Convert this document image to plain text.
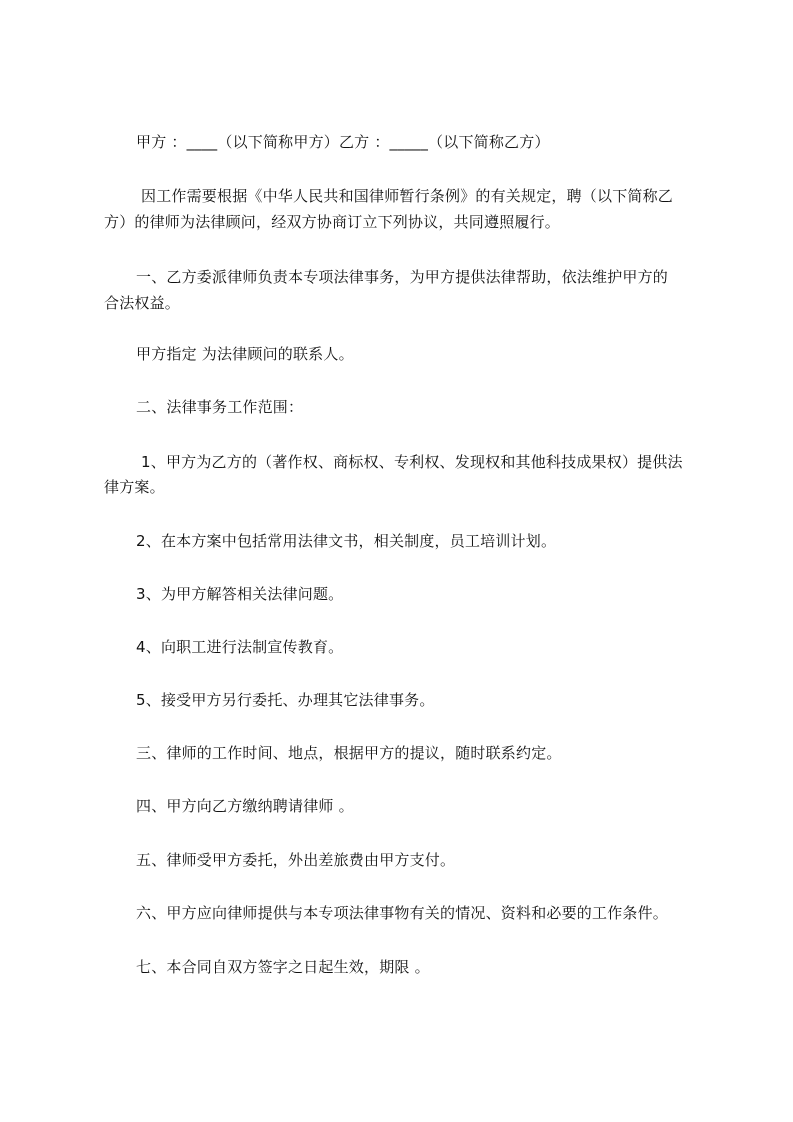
甲方 ：____（以下简称甲方）乙方 ：_____（以下简称乙方）
因工作需要根据《中华人民共和国律师暂行条例》的有关规定，聘（以下简称乙
方）的律师为法律顾问，经双方协商订立下列协议，共同遵照履行。
一、乙方委派律师负责本专项法律事务，为甲方提供法律帮助，依法维护甲方的
合法权益。
甲方指定 为法律顾问的联系人。
二、法律事务工作范围：
1、甲方为乙方的（著作权、商标权、专利权、发现权和其他科技成果权）提供法
律方案。
2、在本方案中包括常用法律文书，相关制度，员工培训计划。
3、为甲方解答相关法律问题。
4、向职工进行法制宣传教育。
5、接受甲方另行委托、办理其它法律事务。
三、律师的工作时间、地点，根据甲方的提议，随时联系约定。
四、甲方向乙方缴纳聘请律师 。
五、律师受甲方委托，外出差旅费由甲方支付。
六、甲方应向律师提供与本专项法律事物有关的情况、资料和必要的工作条件。
七、本合同自双方签字之日起生效，期限 。
